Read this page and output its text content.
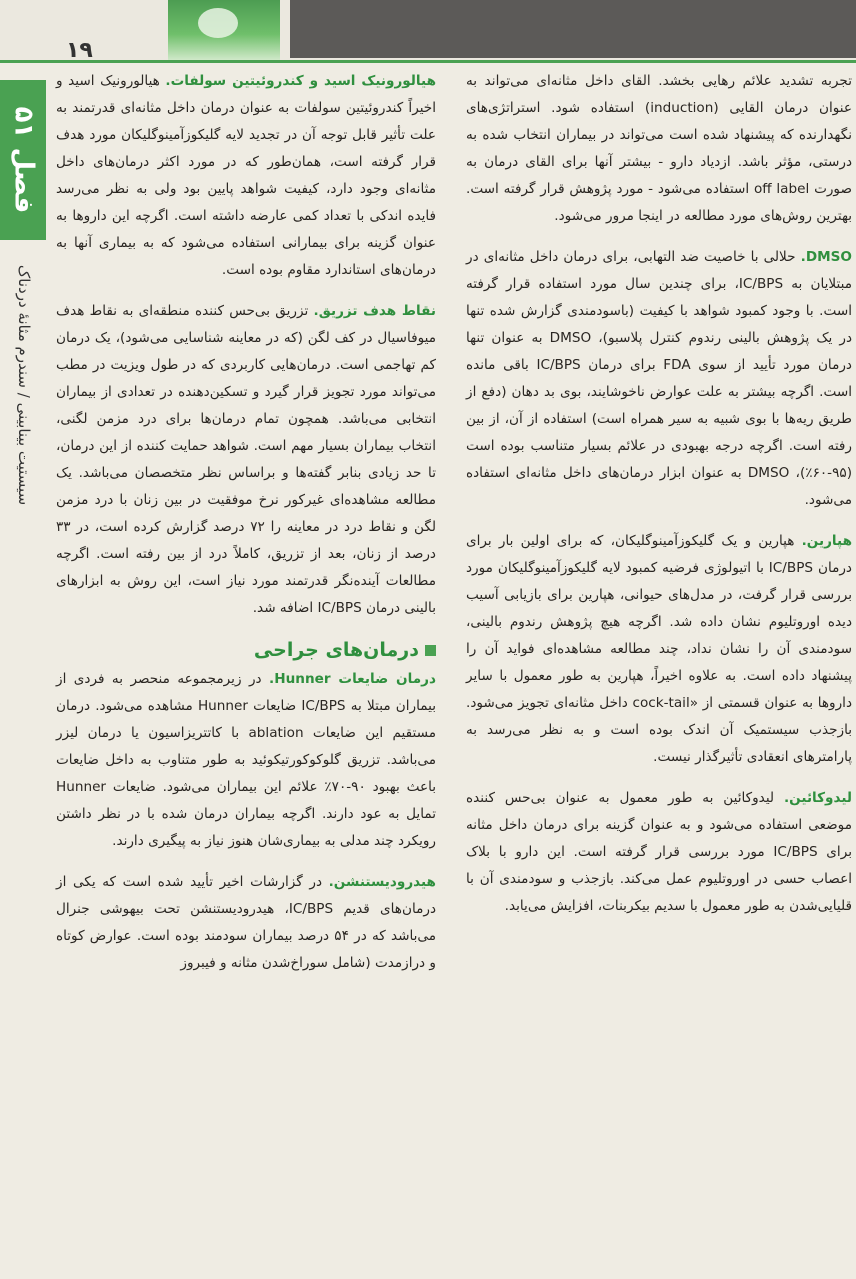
۱۹
فصل ۵۱
سیستیت بینابینی / سندرم مثانهٔ دردناک

تجربه تشدید علائم رهایی بخشد. القای داخل مثانه‌ای می‌تواند به عنوان درمان القایی (induction) استفاده شود. استراتژی‌های نگهدارنده که پیشنهاد شده است می‌تواند در بیماران انتخاب شده به درستی، مؤثر باشد. ازدیاد دارو - بیشتر آنها برای القای درمان به صورت off label استفاده می‌شود - مورد پژوهش قرار گرفته است. بهترین روش‌های مورد مطالعه در اینجا مرور می‌شود.

DMSO. حلالی با خاصیت ضد التهابی، برای درمان داخل مثانه‌ای در مبتلایان به IC/BPS، برای چندین سال مورد استفاده قرار گرفته است. با وجود کمبود شواهد با کیفیت (باسودمندی گزارش شده تنها در یک پژوهش بالینی رندوم کنترل پلاسبو)، DMSO به عنوان تنها درمان مورد تأیید از سوی FDA برای درمان IC/BPS باقی مانده است. اگرچه بیشتر به علت عوارض ناخوشایند، بوی بد دهان (دفع از طریق ریه‌ها با بوی شبیه به سیر همراه است) استفاده از آن، از بین رفته است. اگرچه درجه بهبودی در علائم بسیار متناسب بوده است (۹۵-۶۰٪)، DMSO به عنوان ابزار درمان‌های داخل مثانه‌ای استفاده می‌شود.

هپارین. هپارین و یک گلیکوزآمینوگلیکان، که برای اولین بار برای درمان IC/BPS با اتیولوژی فرضیه کمبود لایه گلیکوزآمینوگلیکان مورد بررسی قرار گرفت، در مدل‌های حیوانی، هپارین برای بازیابی آسیب دیده اوروتلیوم نشان داده شد. اگرچه هیچ پژوهش رندوم بالینی، سودمندی آن را نشان نداد، چند مطالعه مشاهده‌ای فواید آن را پیشنهاد داده است. به علاوه اخیراً، هپارین به طور معمول با سایر داروها به عنوان قسمتی از «cock-tail داخل مثانه‌ای تجویز می‌شود. بازجذب سیستمیک آن اندک بوده است و به نظر می‌رسد به پارامترهای انعقادی تأثیرگذار نیست.

لیدوکائین. لیدوکائین به طور معمول به عنوان بی‌حس کننده موضعی استفاده می‌شود و به عنوان گزینه برای درمان داخل مثانه برای IC/BPS مورد بررسی قرار گرفته است. این دارو با بلاک اعصاب حسی در اوروتلیوم عمل می‌کند. بازجذب و سودمندی آن با قلیایی‌شدن به طور معمول با سدیم بیکربنات، افزایش می‌یابد.

هیالورونیک اسید و کندروئیتین سولفات. هیالورونیک اسید و اخیراً کندروئیتین سولفات به عنوان درمان داخل مثانه‌ای قدرتمند به علت تأثیر قابل توجه آن در تجدید لایه گلیکوزآمینوگلیکان مورد هدف قرار گرفته است، همان‌طور که در مورد اکثر درمان‌های داخل مثانه‌ای وجود دارد، کیفیت شواهد پایین بود ولی به نظر می‌رسد فایده اندکی با تعداد کمی عارضه داشته است. اگرچه این داروها به عنوان گزینه برای بیمارانی استفاده می‌شود که به بیماری آنها به درمان‌های استاندارد مقاوم بوده است.

نقاط هدف تزریق. تزریق بی‌حس کننده منطقه‌ای به نقاط هدف میوفاسیال در کف لگن (که در معاینه شناسایی می‌شود)، یک درمان کم تهاجمی است. درمان‌هایی کاربردی که در طول ویزیت در مطب می‌تواند مورد تجویز قرار گیرد و تسکین‌دهنده در تعدادی از بیماران انتخابی می‌باشد. همچون تمام درمان‌ها برای درد مزمن لگنی، انتخاب بیماران بسیار مهم است. شواهد حمایت کننده از این درمان، تا حد زیادی بنابر گفته‌ها و براساس نظر متخصصان می‌باشد. یک مطالعه مشاهده‌ای غیرکور نرخ موفقیت در بین زنان با درد مزمن لگن و نقاط درد در معاینه را ۷۲ درصد گزارش کرده است، در ۳۳ درصد از زنان، بعد از تزریق، کاملاً درد از بین رفته است. اگرچه مطالعات آینده‌نگر قدرتمند مورد نیاز است، این روش به ابزارهای بالینی درمان IC/BPS اضافه شد.

درمان‌های جراحی

درمان ضایعات Hunner. در زیرمجموعه منحصر به فردی از بیماران مبتلا به IC/BPS ضایعات Hunner مشاهده می‌شود. درمان مستقیم این ضایعات ablation با کاتتریزاسیون یا درمان لیزر می‌باشد. تزریق گلوکوکورتیکوئید به طور متناوب به داخل ضایعات باعث بهبود ۹۰-۷۰٪ علائم این بیماران می‌شود. ضایعات Hunner تمایل به عود دارند. اگرچه بیماران درمان شده با در نظر داشتن رویکرد چند مدلی به بیماری‌شان هنوز نیاز به پیگیری دارند.

هیدرودیستنشن. در گزارشات اخیر تأیید شده است که یکی از درمان‌های قدیم IC/BPS، هیدرودیستنشن تحت بیهوشی جنرال می‌باشد که در ۵۴ درصد بیماران سودمند بوده است. عوارض کوتاه و درازمدت (شامل سوراخ‌شدن مثانه و فیبروز
